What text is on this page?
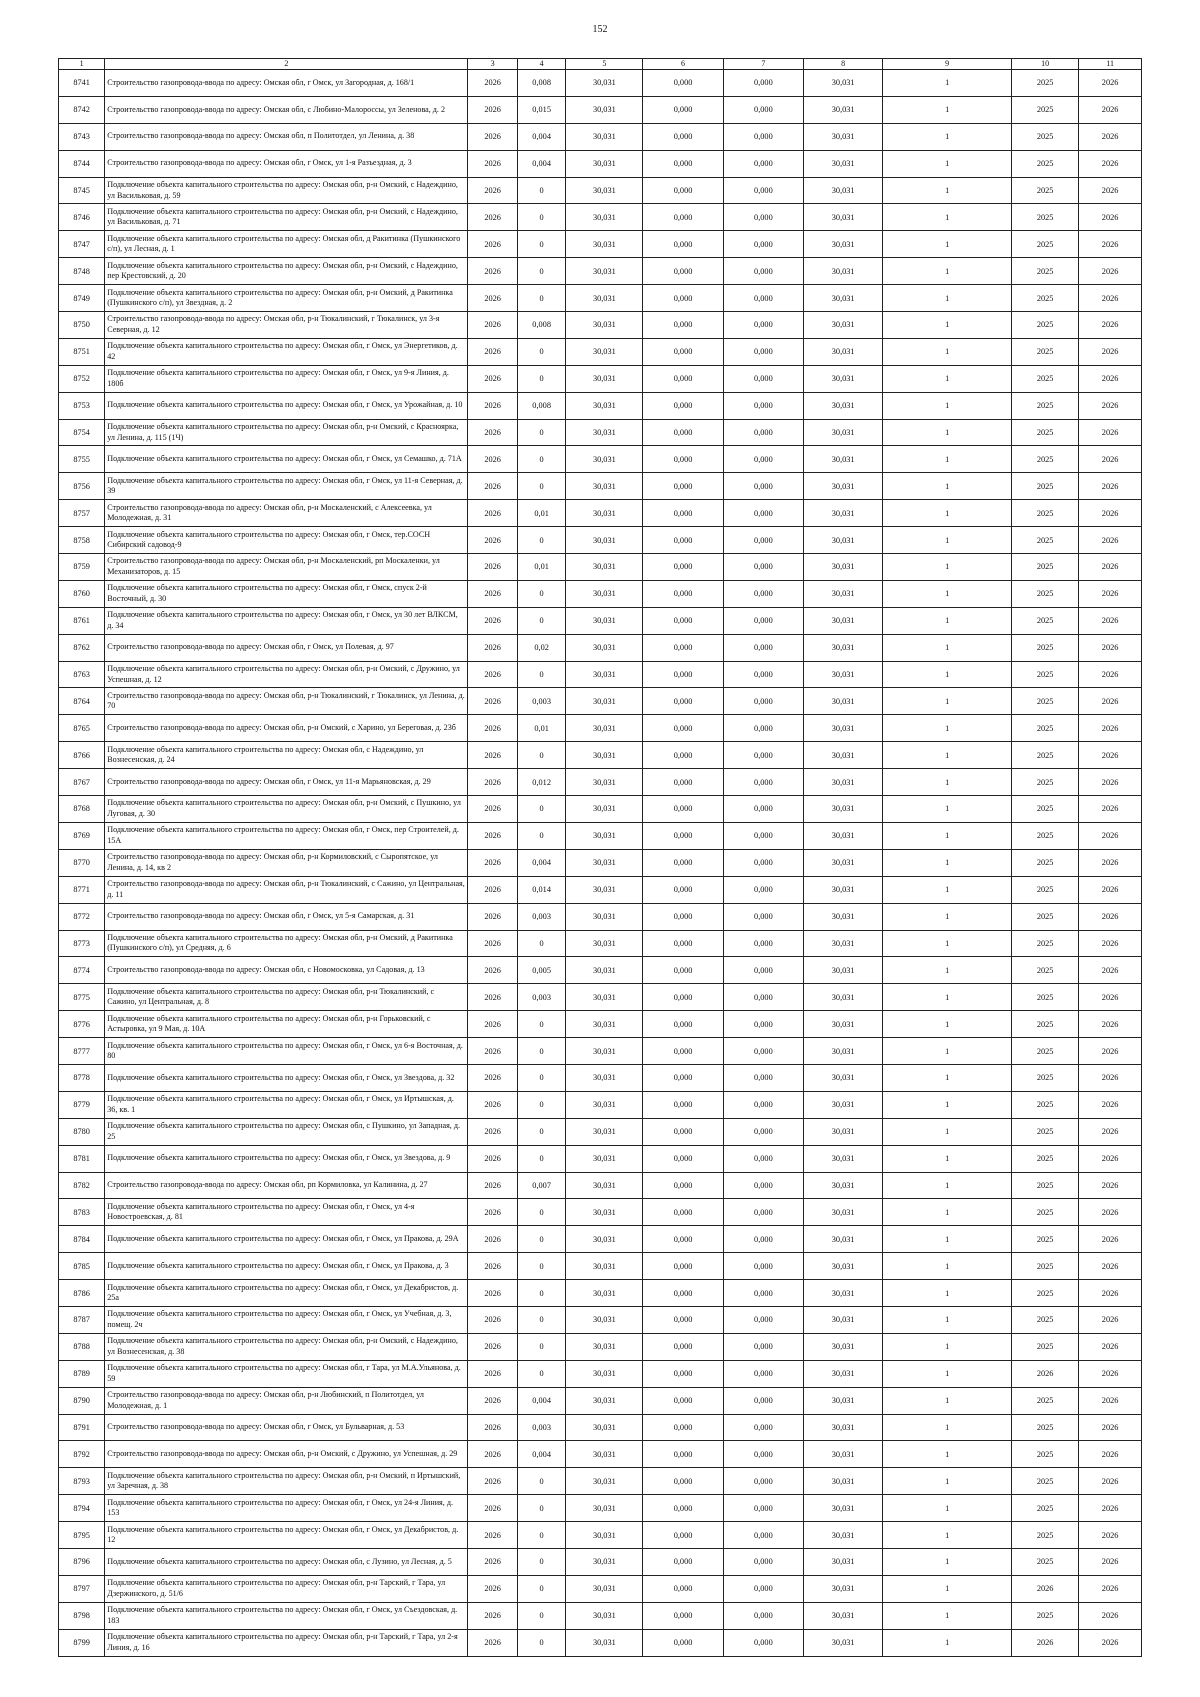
152
1	2	3	4	5	6	7	8	9	10	11
8741	Строительство газопровода-ввода по адресу: Омская обл, г Омск, ул Загородная, д. 168/1	2026	0,008	30,031	0,000	0,000	30,031	1	2025	2026
8742	Строительство газопровода-ввода по адресу: Омская обл, с Любино-Малороссы, ул Зеленова, д. 2	2026	0,015	30,031	0,000	0,000	30,031	1	2025	2026
8743	Строительство газопровода-ввода по адресу: Омская обл, п Политотдел, ул Ленина, д. 38	2026	0,004	30,031	0,000	0,000	30,031	1	2025	2026
8744	Строительство газопровода-ввода по адресу: Омская обл, г Омск, ул 1-я Разъездная, д. 3	2026	0,004	30,031	0,000	0,000	30,031	1	2025	2026
8745	Подключение объекта капитального строительства по адресу: Омская обл, р-н Омский, с Надеждино, ул Васильковая, д. 59	2026	0	30,031	0,000	0,000	30,031	1	2025	2026
8746	Подключение объекта капитального строительства по адресу: Омская обл, р-н Омский, с Надеждино, ул Васильковая, д. 71	2026	0	30,031	0,000	0,000	30,031	1	2025	2026
8747	Подключение объекта капитального строительства по адресу: Омская обл, д Ракитинка (Пушкинского с/п), ул Лесная, д. 1	2026	0	30,031	0,000	0,000	30,031	1	2025	2026
8748	Подключение объекта капитального строительства по адресу: Омская обл, р-н Омский, с Надеждино, пер Крестовский, д. 20	2026	0	30,031	0,000	0,000	30,031	1	2025	2026
8749	Подключение объекта капитального строительства по адресу: Омская обл, р-н Омский, д Ракитинка (Пушкинского с/п), ул Звездная, д. 2	2026	0	30,031	0,000	0,000	30,031	1	2025	2026
8750	Строительство газопровода-ввода по адресу: Омская обл, р-н Тюкалинский, г Тюкалинск, ул 3-я Северная, д. 12	2026	0,008	30,031	0,000	0,000	30,031	1	2025	2026
8751	Подключение объекта капитального строительства по адресу: Омская обл, г Омск, ул Энергетиков, д. 42	2026	0	30,031	0,000	0,000	30,031	1	2025	2026
8752	Подключение объекта капитального строительства по адресу: Омская обл, г Омск, ул 9-я Линия, д. 180б	2026	0	30,031	0,000	0,000	30,031	1	2025	2026
8753	Подключение объекта капитального строительства по адресу: Омская обл, г Омск, ул Урожайная, д. 10	2026	0,008	30,031	0,000	0,000	30,031	1	2025	2026
8754	Подключение объекта капитального строительства по адресу: Омская обл, р-н Омский, с Красноярка, ул Ленина, д. 115 (1Ч)	2026	0	30,031	0,000	0,000	30,031	1	2025	2026
8755	Подключение объекта капитального строительства по адресу: Омская обл, г Омск, ул Семашко, д. 71А	2026	0	30,031	0,000	0,000	30,031	1	2025	2026
8756	Подключение объекта капитального строительства по адресу: Омская обл, г Омск, ул 11-я Северная, д. 39	2026	0	30,031	0,000	0,000	30,031	1	2025	2026
8757	Строительство газопровода-ввода по адресу: Омская обл, р-н Москаленский, с Алексеевка, ул Молодежная, д. 31	2026	0,01	30,031	0,000	0,000	30,031	1	2025	2026
8758	Подключение объекта капитального строительства по адресу: Омская обл, г Омск, тер.СОСН Сибирский садовод-9	2026	0	30,031	0,000	0,000	30,031	1	2025	2026
8759	Строительство газопровода-ввода по адресу: Омская обл, р-н Москаленский, рп Москаленки, ул Механизаторов, д. 15	2026	0,01	30,031	0,000	0,000	30,031	1	2025	2026
8760	Подключение объекта капитального строительства по адресу: Омская обл, г Омск, спуск 2-й Восточный, д. 30	2026	0	30,031	0,000	0,000	30,031	1	2025	2026
8761	Подключение объекта капитального строительства по адресу: Омская обл, г Омск, ул 30 лет ВЛКСМ, д. 34	2026	0	30,031	0,000	0,000	30,031	1	2025	2026
8762	Строительство газопровода-ввода по адресу: Омская обл, г Омск, ул Полевая, д. 97	2026	0,02	30,031	0,000	0,000	30,031	1	2025	2026
8763	Подключение объекта капитального строительства по адресу: Омская обл, р-н Омский, с Дружино, ул Успешная, д. 12	2026	0	30,031	0,000	0,000	30,031	1	2025	2026
8764	Строительство газопровода-ввода по адресу: Омская обл, р-н Тюкалинский, г Тюкалинск, ул Ленина, д. 70	2026	0,003	30,031	0,000	0,000	30,031	1	2025	2026
8765	Строительство газопровода-ввода по адресу: Омская обл, р-н Омский, с Харино, ул Береговая, д. 23б	2026	0,01	30,031	0,000	0,000	30,031	1	2025	2026
8766	Подключение объекта капитального строительства по адресу: Омская обл, с Надеждино, ул Вознесенская, д. 24	2026	0	30,031	0,000	0,000	30,031	1	2025	2026
8767	Строительство газопровода-ввода по адресу: Омская обл, г Омск, ул 11-я Марьяновская, д. 29	2026	0,012	30,031	0,000	0,000	30,031	1	2025	2026
8768	Подключение объекта капитального строительства по адресу: Омская обл, р-н Омский, с Пушкино, ул Луговая, д. 30	2026	0	30,031	0,000	0,000	30,031	1	2025	2026
8769	Подключение объекта капитального строительства по адресу: Омская обл, г Омск, пер Строителей, д. 15А	2026	0	30,031	0,000	0,000	30,031	1	2025	2026
8770	Строительство газопровода-ввода по адресу: Омская обл, р-н Кормиловский, с Сыропятское, ул Ленина, д. 14, кв 2	2026	0,004	30,031	0,000	0,000	30,031	1	2025	2026
8771	Строительство газопровода-ввода по адресу: Омская обл, р-н Тюкалинский, с Сажино, ул Центральная, д. 11	2026	0,014	30,031	0,000	0,000	30,031	1	2025	2026
8772	Строительство газопровода-ввода по адресу: Омская обл, г Омск, ул 5-я Самарская, д. 31	2026	0,003	30,031	0,000	0,000	30,031	1	2025	2026
8773	Подключение объекта капитального строительства по адресу: Омская обл, р-н Омский, д Ракитинка (Пушкинского с/п), ул Средняя, д. 6	2026	0	30,031	0,000	0,000	30,031	1	2025	2026
8774	Строительство газопровода-ввода по адресу: Омская обл, с Новомосковка, ул Садовая, д. 13	2026	0,005	30,031	0,000	0,000	30,031	1	2025	2026
8775	Подключение объекта капитального строительства по адресу: Омская обл, р-н Тюкалинский, с Сажино, ул Центральная, д. 8	2026	0,003	30,031	0,000	0,000	30,031	1	2025	2026
8776	Подключение объекта капитального строительства по адресу: Омская обл, р-н Горьковский, с Астыровка, ул 9 Мая, д. 10А	2026	0	30,031	0,000	0,000	30,031	1	2025	2026
8777	Подключение объекта капитального строительства по адресу: Омская обл, г Омск, ул 6-я Восточная, д. 80	2026	0	30,031	0,000	0,000	30,031	1	2025	2026
8778	Подключение объекта капитального строительства по адресу: Омская обл, г Омск, ул Звездова, д. 32	2026	0	30,031	0,000	0,000	30,031	1	2025	2026
8779	Подключение объекта капитального строительства по адресу: Омская обл, г Омск, ул Иртышская, д. 36, кв. 1	2026	0	30,031	0,000	0,000	30,031	1	2025	2026
8780	Подключение объекта капитального строительства по адресу: Омская обл, с Пушкино, ул Западная, д. 25	2026	0	30,031	0,000	0,000	30,031	1	2025	2026
8781	Подключение объекта капитального строительства по адресу: Омская обл, г Омск, ул Звездова, д. 9	2026	0	30,031	0,000	0,000	30,031	1	2025	2026
8782	Строительство газопровода-ввода по адресу: Омская обл, рп Кормиловка, ул Калинина, д. 27	2026	0,007	30,031	0,000	0,000	30,031	1	2025	2026
8783	Подключение объекта капитального строительства по адресу: Омская обл, г Омск, ул 4-я Новостроевская, д. 81	2026	0	30,031	0,000	0,000	30,031	1	2025	2026
8784	Подключение объекта капитального строительства по адресу: Омская обл, г Омск, ул Пракова, д. 29А	2026	0	30,031	0,000	0,000	30,031	1	2025	2026
8785	Подключение объекта капитального строительства по адресу: Омская обл, г Омск, ул Пракова, д. 3	2026	0	30,031	0,000	0,000	30,031	1	2025	2026
8786	Подключение объекта капитального строительства по адресу: Омская обл, г Омск, ул Декабристов, д. 25а	2026	0	30,031	0,000	0,000	30,031	1	2025	2026
8787	Подключение объекта капитального строительства по адресу: Омская обл, г Омск, ул Учебная, д. 3, помещ. 2ч	2026	0	30,031	0,000	0,000	30,031	1	2025	2026
8788	Подключение объекта капитального строительства по адресу: Омская обл, р-н Омский, с Надеждино, ул Вознесенская, д. 38	2026	0	30,031	0,000	0,000	30,031	1	2025	2026
8789	Подключение объекта капитального строительства по адресу: Омская обл, г Тара, ул М.А.Ульянова, д. 59	2026	0	30,031	0,000	0,000	30,031	1	2026	2026
8790	Строительство газопровода-ввода по адресу: Омская обл, р-н Любинский, п Политотдел, ул Молодежная, д. 1	2026	0,004	30,031	0,000	0,000	30,031	1	2025	2026
8791	Строительство газопровода-ввода по адресу: Омская обл, г Омск, ул Бульварная, д. 53	2026	0,003	30,031	0,000	0,000	30,031	1	2025	2026
8792	Строительство газопровода-ввода по адресу: Омская обл, р-н Омский, с Дружино, ул Успешная, д. 29	2026	0,004	30,031	0,000	0,000	30,031	1	2025	2026
8793	Подключение объекта капитального строительства по адресу: Омская обл, р-н Омский, п Иртышский, ул Заречная, д. 38	2026	0	30,031	0,000	0,000	30,031	1	2025	2026
8794	Подключение объекта капитального строительства по адресу: Омская обл, г Омск, ул 24-я Линия, д. 153	2026	0	30,031	0,000	0,000	30,031	1	2025	2026
8795	Подключение объекта капитального строительства по адресу: Омская обл, г Омск, ул Декабристов, д. 12	2026	0	30,031	0,000	0,000	30,031	1	2025	2026
8796	Подключение объекта капитального строительства по адресу: Омская обл, с Лузино, ул Лесная, д. 5	2026	0	30,031	0,000	0,000	30,031	1	2025	2026
8797	Подключение объекта капитального строительства по адресу: Омская обл, р-н Тарский, г Тара, ул Дзержинского, д. 51/6	2026	0	30,031	0,000	0,000	30,031	1	2026	2026
8798	Подключение объекта капитального строительства по адресу: Омская обл, г Омск, ул Съездовская, д. 183	2026	0	30,031	0,000	0,000	30,031	1	2025	2026
8799	Подключение объекта капитального строительства по адресу: Омская обл, р-н Тарский, г Тара, ул 2-я Линия, д. 16	2026	0	30,031	0,000	0,000	30,031	1	2026	2026
